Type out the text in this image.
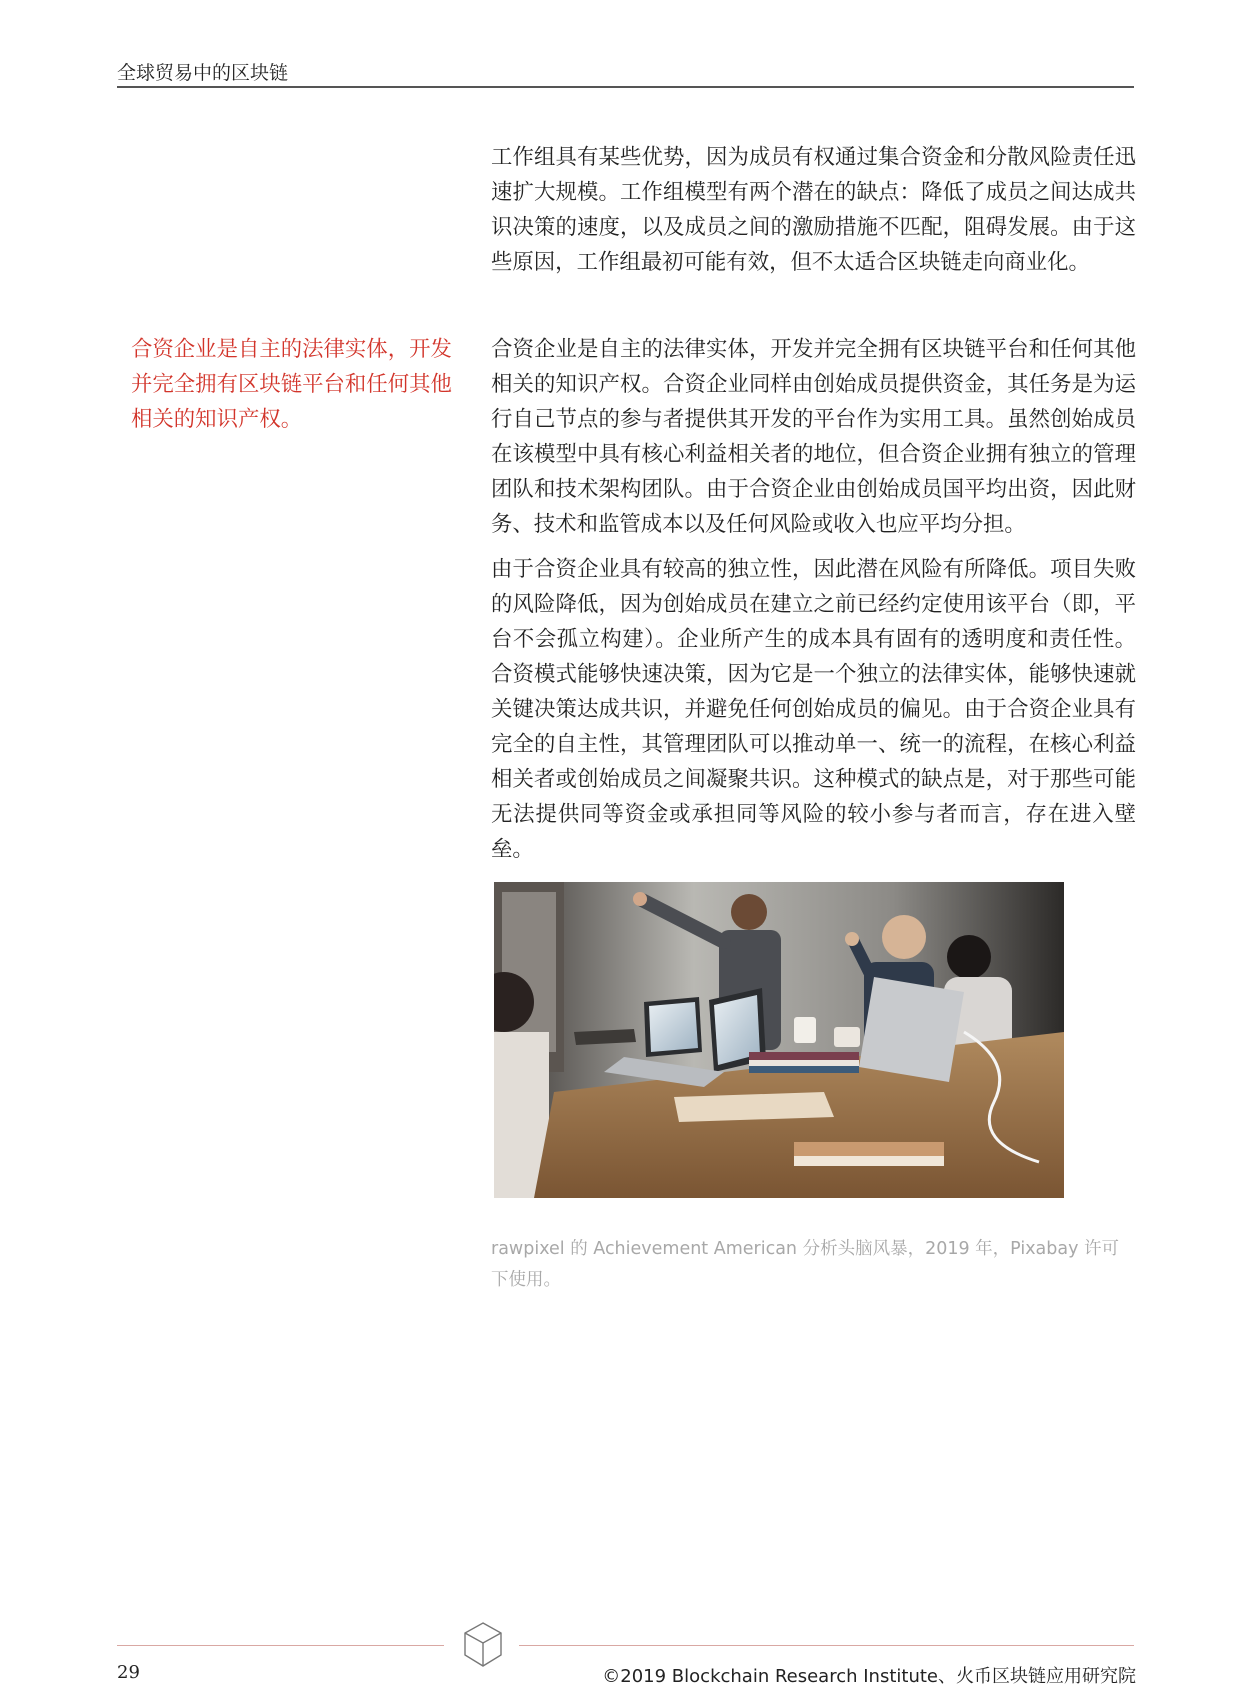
全球贸易中的区块链

工作组具有某些优势，因为成员有权通过集合资金和分散风险责任迅速扩大规模。工作组模型有两个潜在的缺点：降低了成员之间达成共识决策的速度，以及成员之间的激励措施不匹配，阻碍发展。由于这些原因，工作组最初可能有效，但不太适合区块链走向商业化。

合资企业是自主的法律实体，开发并完全拥有区块链平台和任何其他相关的知识产权。

合资企业是自主的法律实体，开发并完全拥有区块链平台和任何其他相关的知识产权。合资企业同样由创始成员提供资金，其任务是为运行自己节点的参与者提供其开发的平台作为实用工具。虽然创始成员在该模型中具有核心利益相关者的地位，但合资企业拥有独立的管理团队和技术架构团队。由于合资企业由创始成员国平均出资，因此财务、技术和监管成本以及任何风险或收入也应平均分担。

由于合资企业具有较高的独立性，因此潜在风险有所降低。项目失败的风险降低，因为创始成员在建立之前已经约定使用该平台（即，平台不会孤立构建）。企业所产生的成本具有固有的透明度和责任性。合资模式能够快速决策，因为它是一个独立的法律实体，能够快速就关键决策达成共识，并避免任何创始成员的偏见。由于合资企业具有完全的自主性，其管理团队可以推动单一、统一的流程，在核心利益相关者或创始成员之间凝聚共识。这种模式的缺点是，对于那些可能无法提供同等资金或承担同等风险的较小参与者而言，存在进入壁垒。

rawpixel 的 Achievement American 分析头脑风暴，2019 年，Pixabay 许可下使用。

29	©2019 Blockchain Research Institute、火币区块链应用研究院
